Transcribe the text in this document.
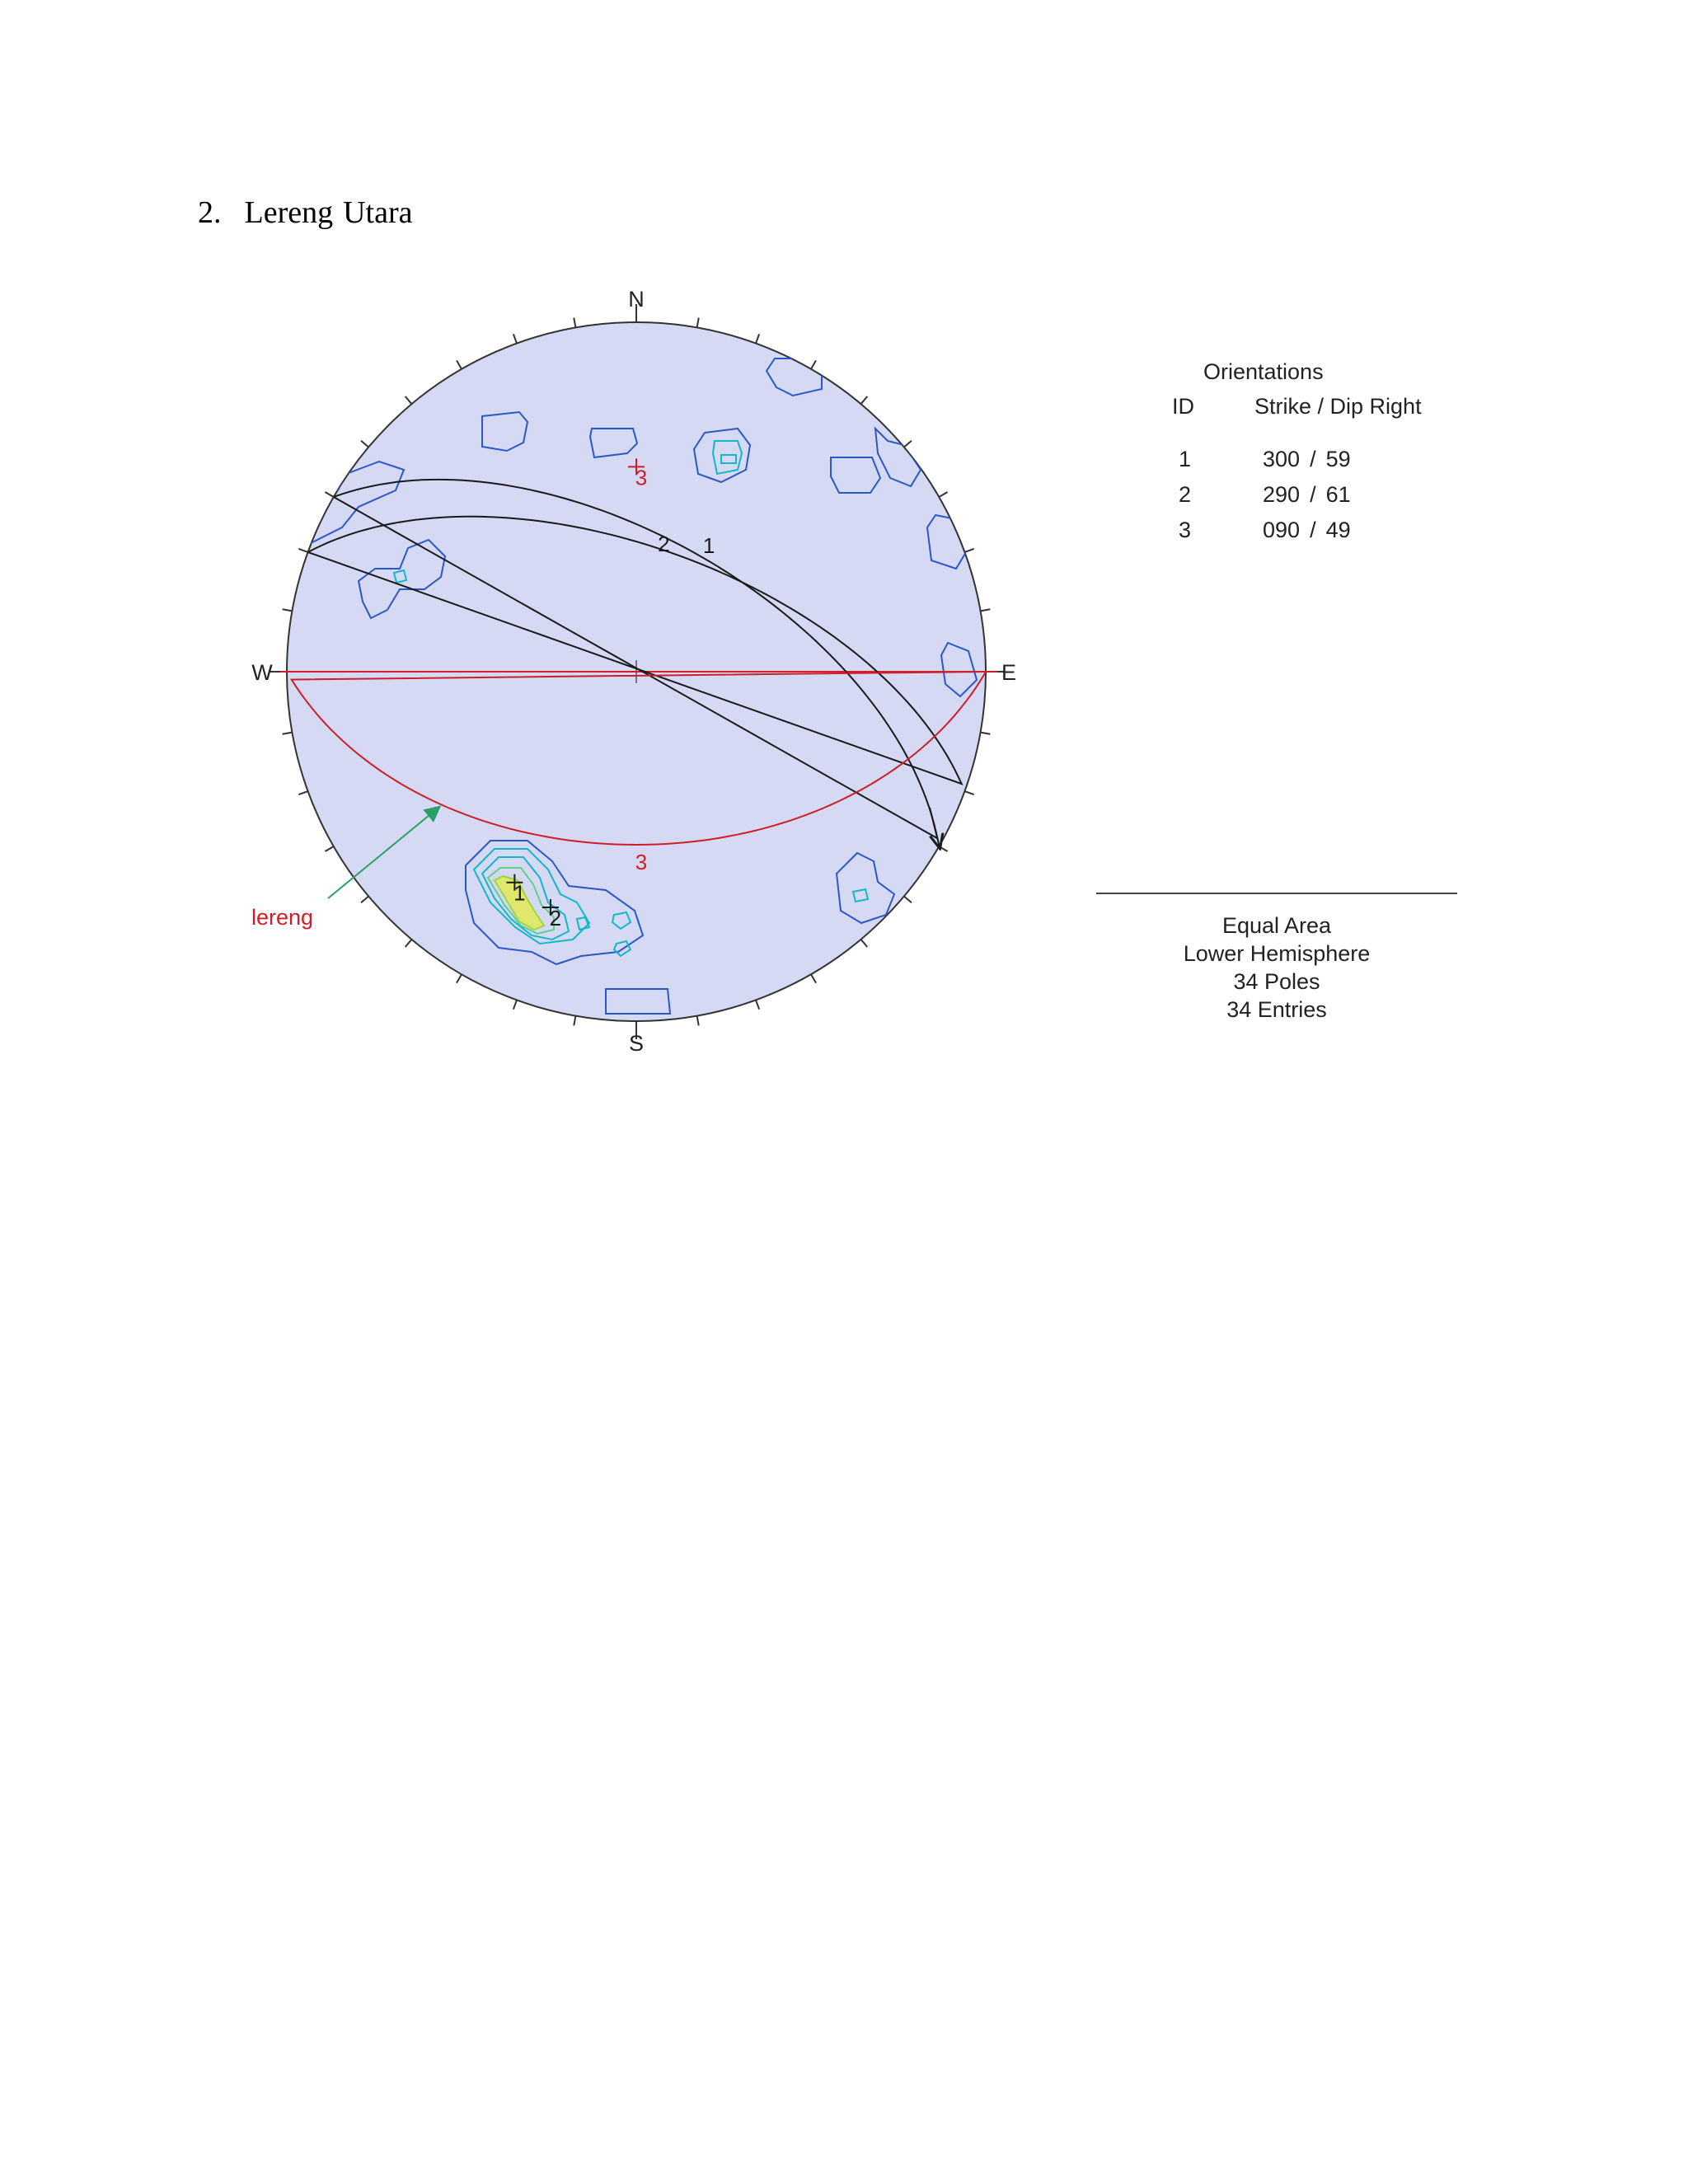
2. Lereng Utara
1
2
3
1
2
3
lereng
N
S
W	E
Orientations
ID	Strike / Dip Right
1	300 / 59
2	290 / 61
3	090 / 49
Equal Area
Lower Hemisphere
34 Poles
34 Entries
